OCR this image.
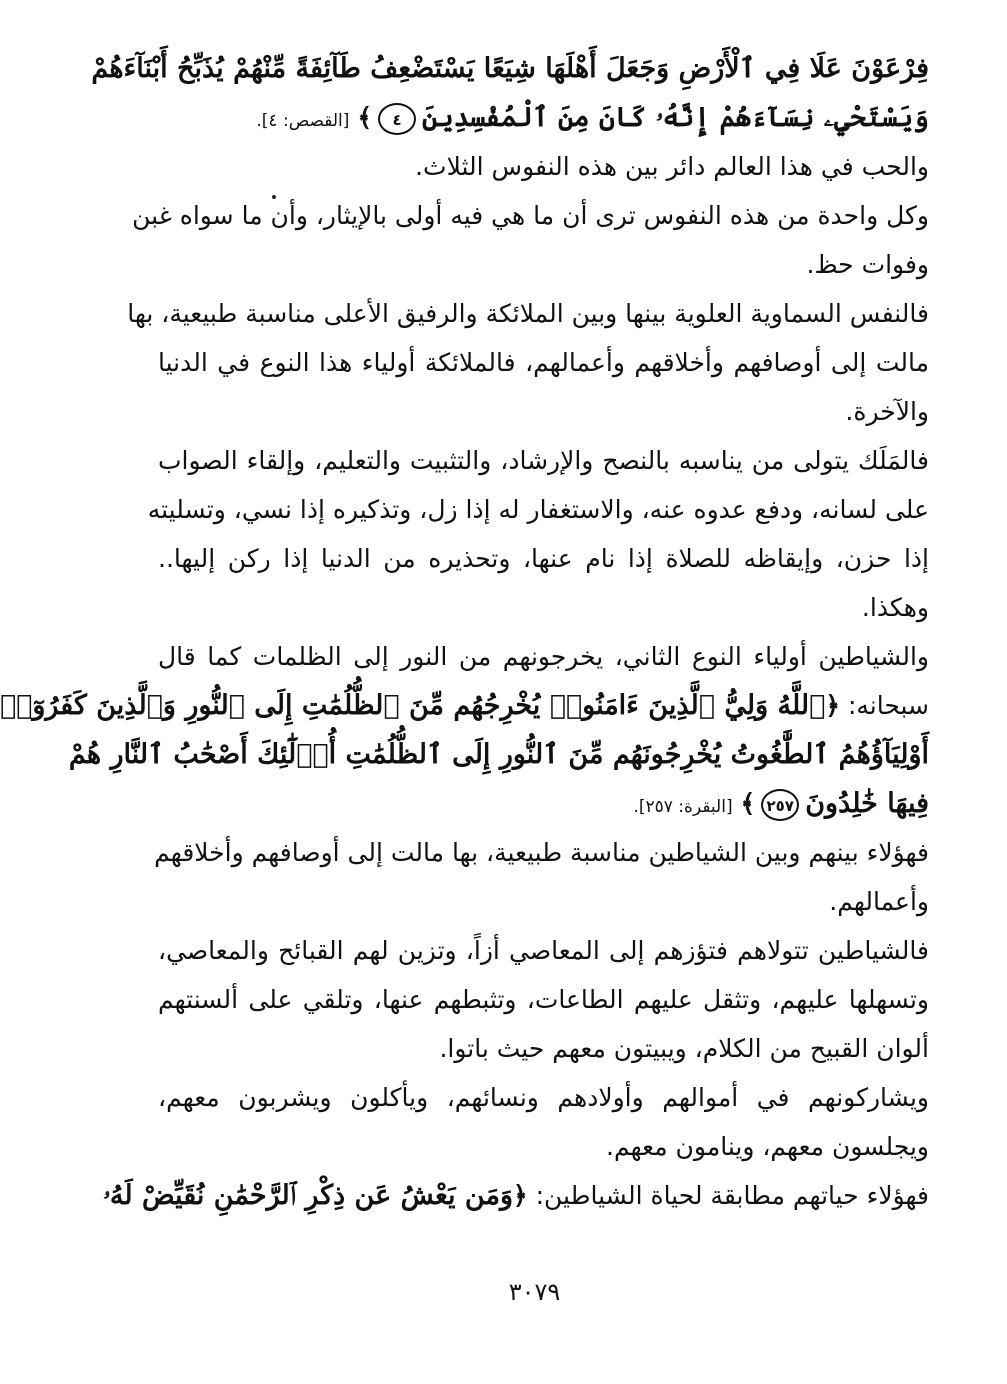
فِرْعَوْنَ عَلَا فِي ٱلْأَرْضِ وَجَعَلَ أَهْلَهَا شِيَعًا يَسْتَضْعِفُ طَآئِفَةً مِّنْهُمْ يُذَبِّحُ أَبْنَآءَهُمْ
وَيَسْتَحْيِۦ نِسَآءَهُمْ إِنَّهُۥ كَانَ مِنَ ٱلْمُفْسِدِينَ٤﴾ [القصص: ٤].
والحب في هذا العالم دائر بين هذه النفوس الثلاث.
وكل واحدة من هذه النفوس ترى أن ما هي فيه أولى بالإيثار، وأن ما سواه غبن
وفوات حظ.
فالنفس السماوية العلوية بينها وبين الملائكة والرفيق الأعلى مناسبة طبيعية، بها
مالت إلى أوصافهم وأخلاقهم وأعمالهم، فالملائكة أولياء هذا النوع في الدنيا
والآخرة.
فالمَلَك يتولى من يناسبه بالنصح والإرشاد، والتثبيت والتعليم، وإلقاء الصواب
على لسانه، ودفع عدوه عنه، والاستغفار له إذا زل، وتذكيره إذا نسي، وتسليته
إذا حزن، وإيقاظه للصلاة إذا نام عنها، وتحذيره من الدنيا إذا ركن إليها..
وهكذا.
والشياطين أولياء النوع الثاني، يخرجونهم من النور إلى الظلمات كما قال
سبحانه: ﴿ٱللَّهُ وَلِيُّ ٱلَّذِينَ ءَامَنُوا۟ يُخْرِجُهُم مِّنَ ٱلظُّلُمَٰتِ إِلَى ٱلنُّورِ وَٱلَّذِينَ كَفَرُوٓا۟
أَوْلِيَآؤُهُمُ ٱلطَّٰغُوتُ يُخْرِجُونَهُم مِّنَ ٱلنُّورِ إِلَى ٱلظُّلُمَٰتِ أُو۟لَٰٓئِكَ أَصْحَٰبُ ٱلنَّارِ هُمْ
فِيهَا خَٰلِدُونَ٢٥٧﴾ [البقرة: ٢٥٧].
فهؤلاء بينهم وبين الشياطين مناسبة طبيعية، بها مالت إلى أوصافهم وأخلاقهم
وأعمالهم.
فالشياطين تتولاهم فتؤزهم إلى المعاصي أزاً، وتزين لهم القبائح والمعاصي،
وتسهلها عليهم، وتثقل عليهم الطاعات، وتثبطهم عنها، وتلقي على ألسنتهم
ألوان القبيح من الكلام، ويبيتون معهم حيث باتوا.
ويشاركونهم في أموالهم وأولادهم ونسائهم، ويأكلون ويشربون معهم،
ويجلسون معهم، وينامون معهم.
فهؤلاء حياتهم مطابقة لحياة الشياطين: ﴿وَمَن يَعْشُ عَن ذِكْرِ ٱلرَّحْمَٰنِ نُقَيِّضْ لَهُۥ
٣٠٧٩
